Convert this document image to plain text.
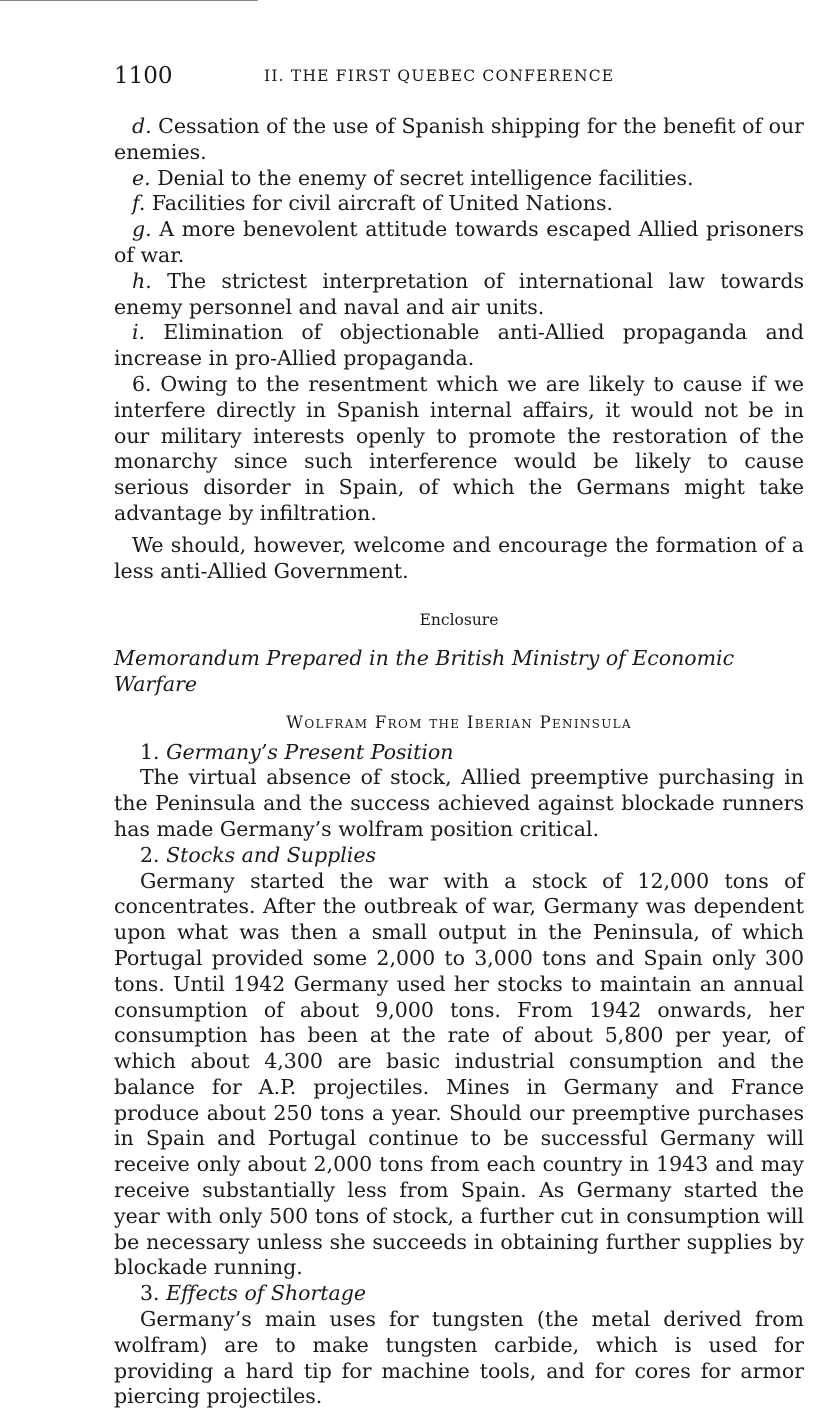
1100	II. THE FIRST QUEBEC CONFERENCE

d. Cessation of the use of Spanish shipping for the benefit of our enemies.

e. Denial to the enemy of secret intelligence facilities.

f. Facilities for civil aircraft of United Nations.

g. A more benevolent attitude towards escaped Allied prisoners of war.

h. The strictest interpretation of international law towards enemy personnel and naval and air units.

i. Elimination of objectionable anti-Allied propaganda and increase in pro-Allied propaganda.

6. Owing to the resentment which we are likely to cause if we interfere directly in Spanish internal affairs, it would not be in our military interests openly to promote the restoration of the monarchy since such interference would be likely to cause serious disorder in Spain, of which the Germans might take advantage by infiltration.

We should, however, welcome and encourage the formation of a less anti-Allied Government.

Enclosure
Memorandum Prepared in the British Ministry of Economic Warfare
Wolfram From the Iberian Peninsula

1. Germany’s Present Position

The virtual absence of stock, Allied preemptive purchasing in the Peninsula and the success achieved against blockade runners has made Germany’s wolfram position critical.

2. Stocks and Supplies

Germany started the war with a stock of 12,000 tons of concentrates. After the outbreak of war, Germany was dependent upon what was then a small output in the Peninsula, of which Portugal provided some 2,000 to 3,000 tons and Spain only 300 tons. Until 1942 Germany used her stocks to maintain an annual consumption of about 9,000 tons. From 1942 onwards, her consumption has been at the rate of about 5,800 per year, of which about 4,300 are basic industrial consumption and the balance for A.P. projectiles. Mines in Germany and France produce about 250 tons a year. Should our preemptive purchases in Spain and Portugal continue to be successful Germany will receive only about 2,000 tons from each country in 1943 and may receive substantially less from Spain. As Germany started the year with only 500 tons of stock, a further cut in consumption will be necessary unless she succeeds in obtaining further supplies by blockade running.

3. Effects of Shortage

Germany’s main uses for tungsten (the metal derived from wolfram) are to make tungsten carbide, which is used for providing a hard tip for machine tools, and for cores for armor piercing projectiles.
